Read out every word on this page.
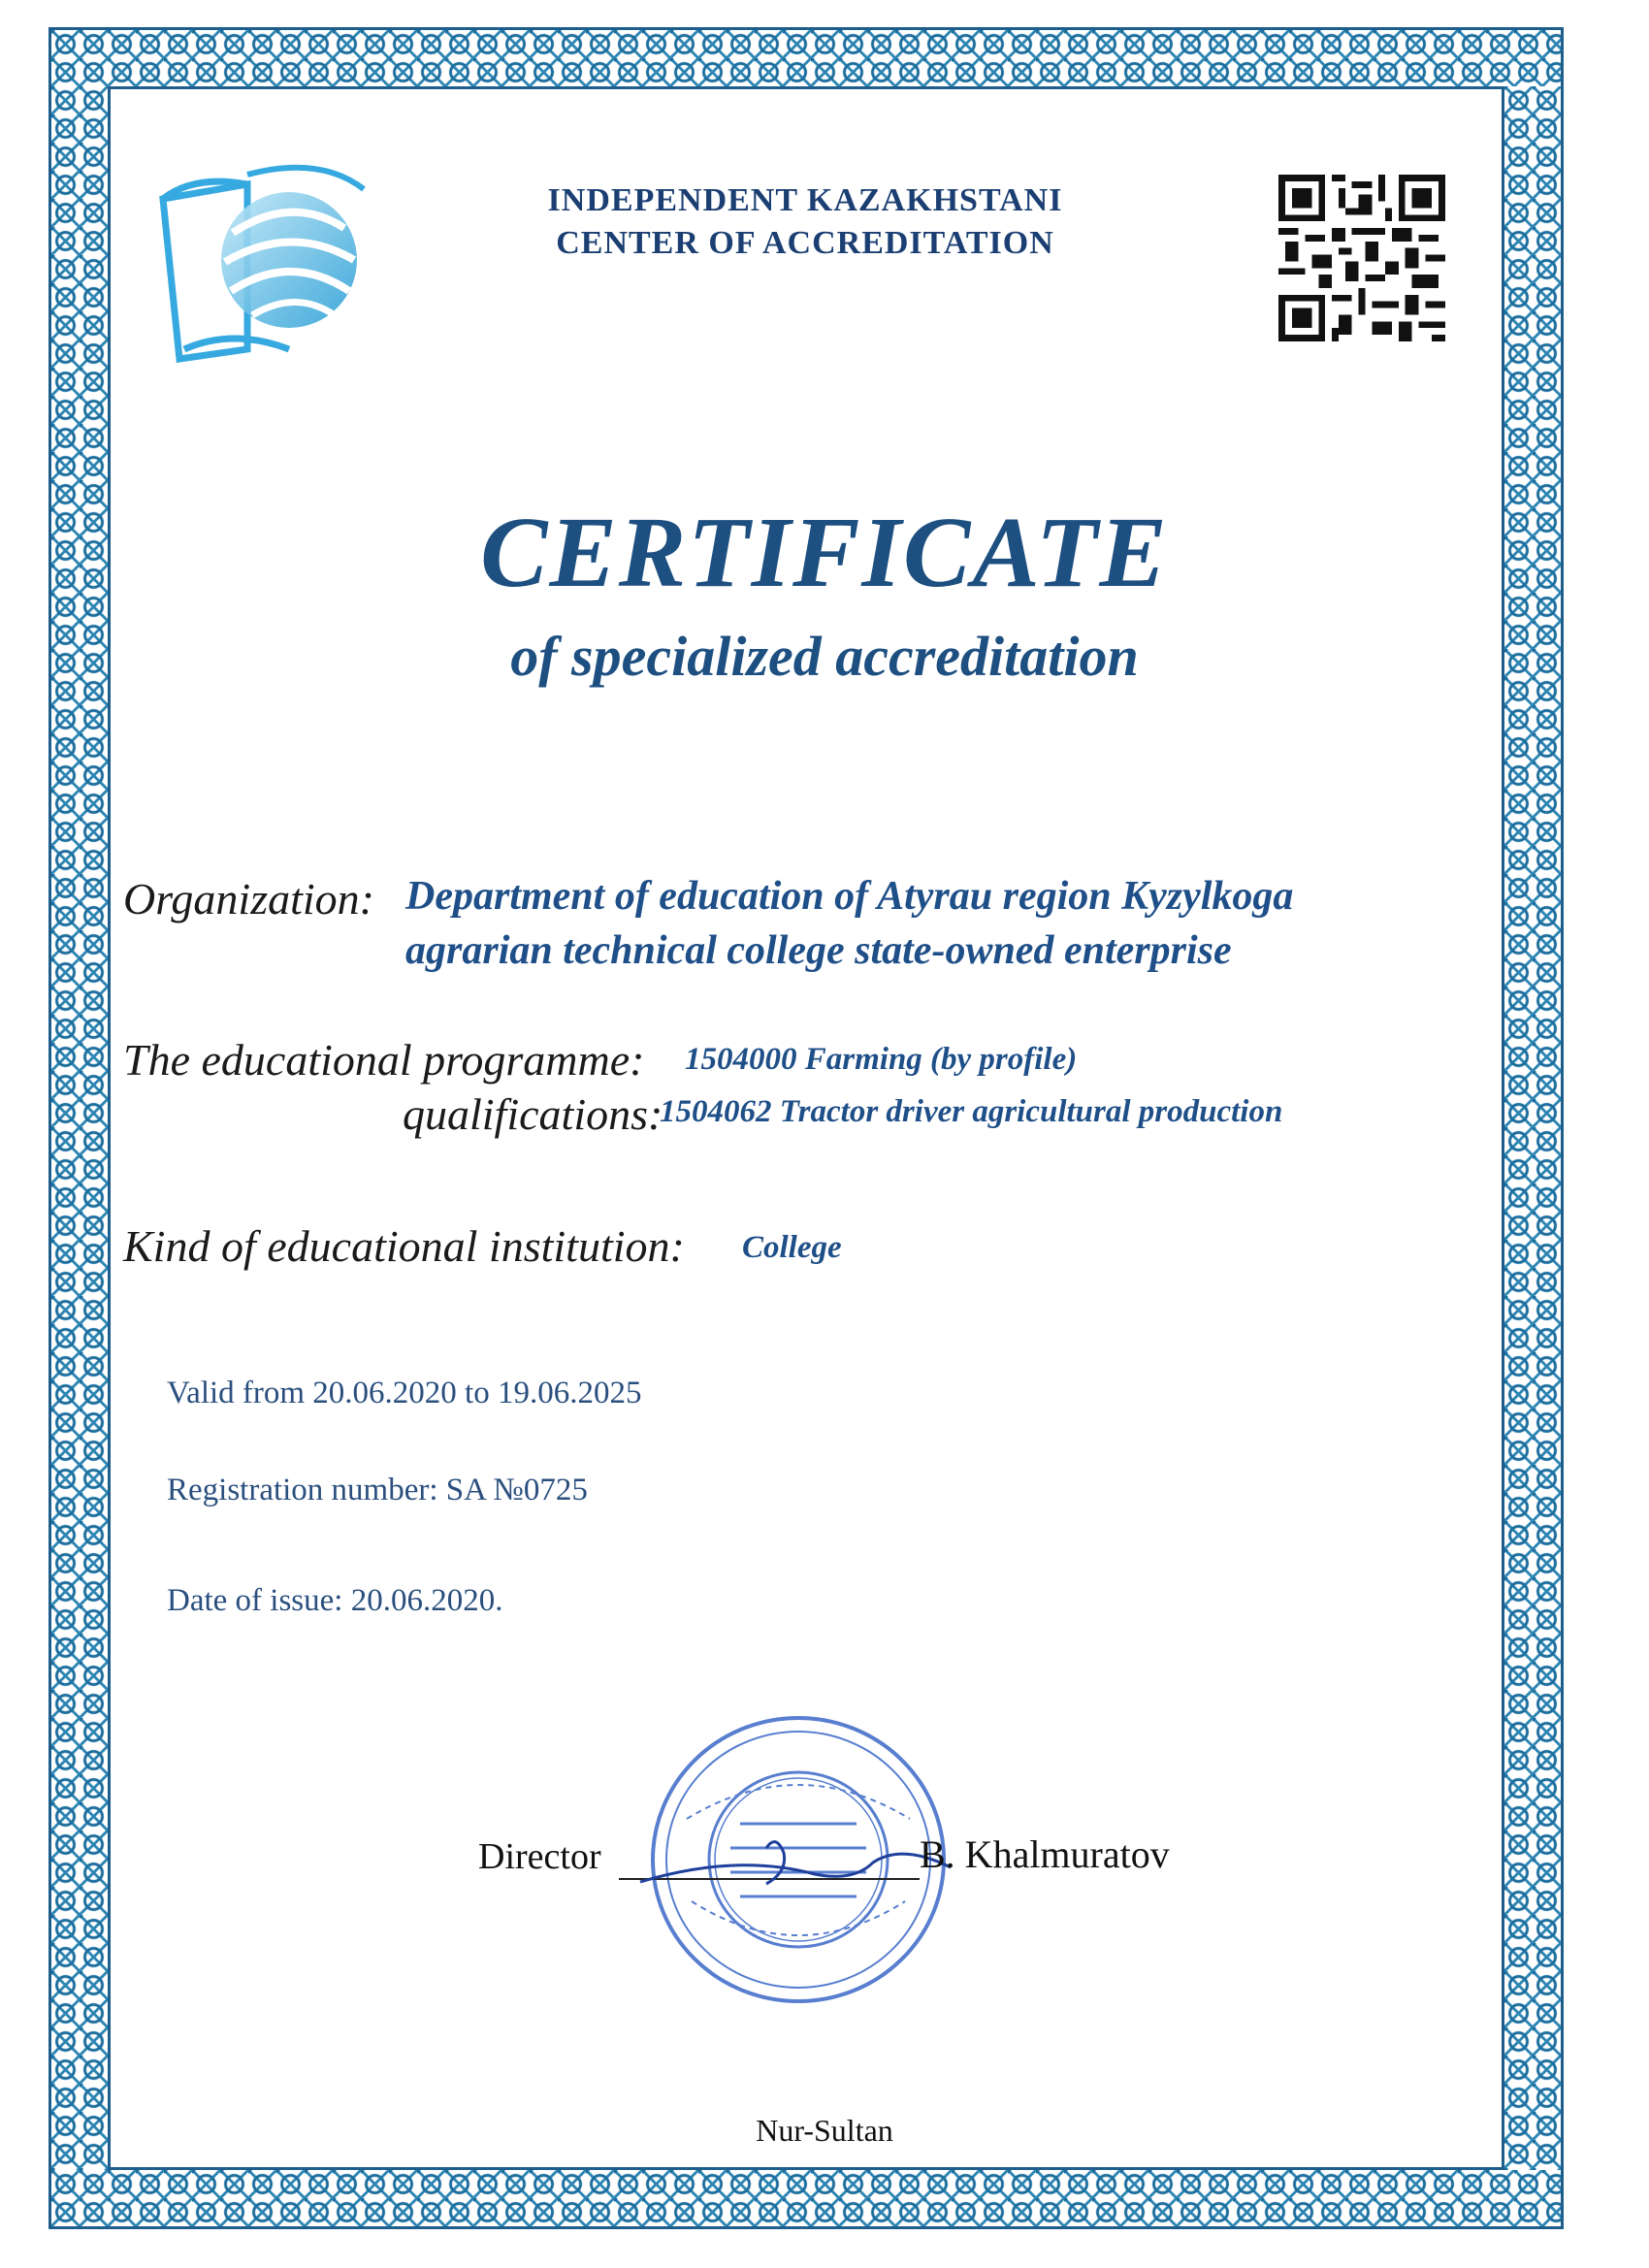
INDEPENDENT KAZAKHSTANI
CENTER OF ACCREDITATION
CERTIFICATE
of specialized accreditation
Organization: Department of education of Atyrau region Kyzylkoga
agrarian technical college state-owned enterprise
The educational programme: 1504000 Farming (by profile)
qualifications:
1504062 Tractor driver agricultural production
Kind of educational institution: College
Valid from 20.06.2020 to 19.06.2025
Registration number: SA №0725
Date of issue: 20.06.2020.
Director	B. Khalmuratov
Nur-Sultan
